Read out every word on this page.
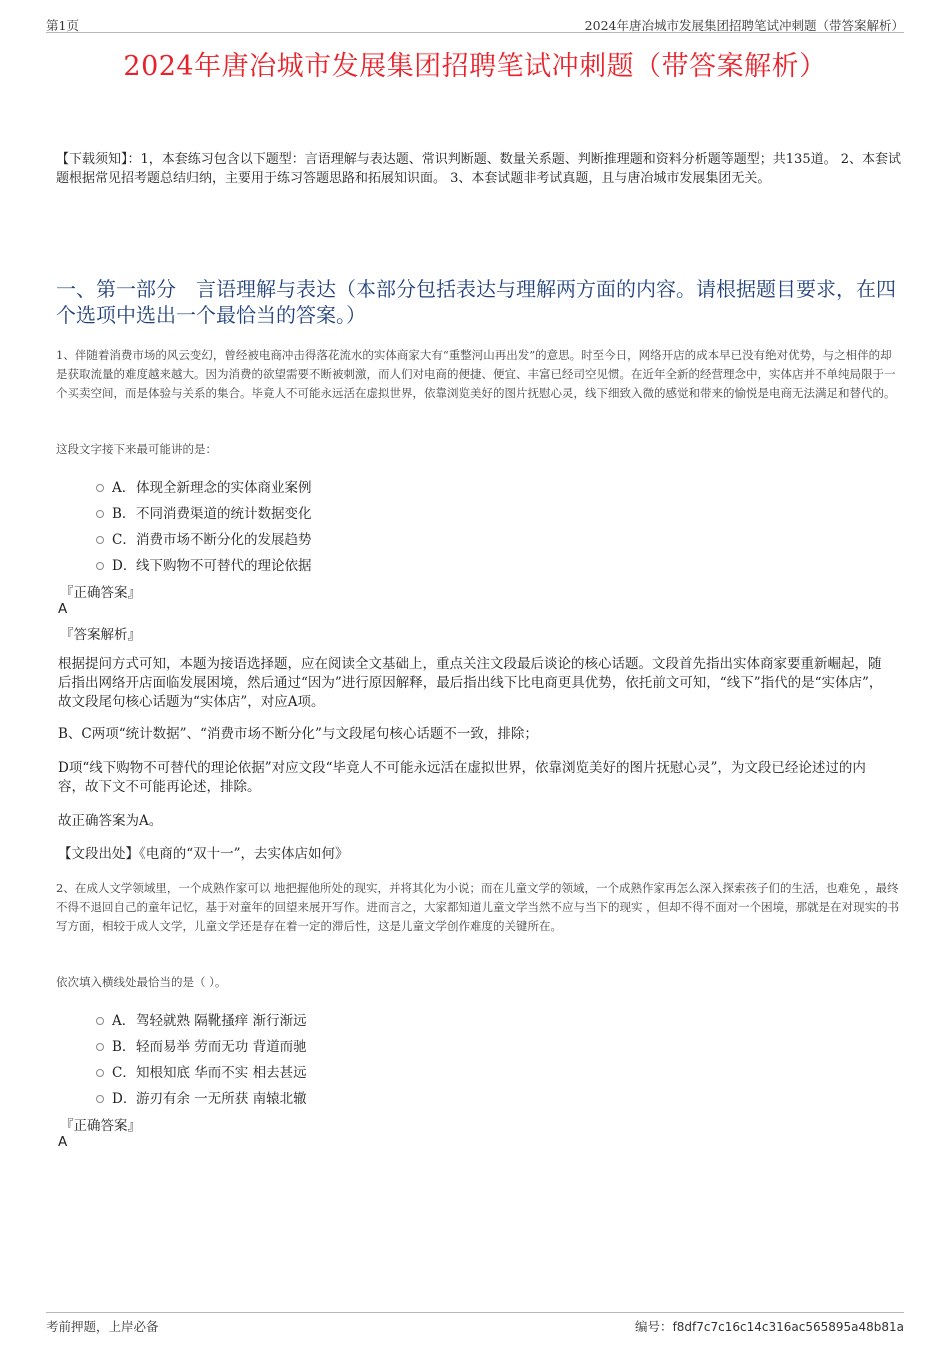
第1页	2024年唐冶城市发展集团招聘笔试冲刺题（带答案解析）
2024年唐冶城市发展集团招聘笔试冲刺题（带答案解析）
【下载须知】：1，本套练习包含以下题型：言语理解与表达题、常识判断题、数量关系题、判断推理题和资料分析题等题型；共135道。 2、本套试题根据常见招考题总结归纳，主要用于练习答题思路和拓展知识面。 3、本套试题非考试真题，且与唐冶城市发展集团无关。
一、第一部分　言语理解与表达（本部分包括表达与理解两方面的内容。请根据题目要求，在四个选项中选出一个最恰当的答案。）
1、伴随着消费市场的风云变幻，曾经被电商冲击得落花流水的实体商家大有“重整河山再出发”的意思。时至今日，网络开店的成本早已没有绝对优势，与之相伴的却是获取流量的难度越来越大。因为消费的欲望需要不断被刺激，而人们对电商的便捷、便宜、丰富已经司空见惯。在近年全新的经营理念中，实体店并不单纯局限于一个买卖空间，而是体验与关系的集合。毕竟人不可能永远活在虚拟世界，依靠浏览美好的图片抚慰心灵，线下细致入微的感觉和带来的愉悦是电商无法满足和替代的。
这段文字接下来最可能讲的是：
A． 体现全新理念的实体商业案例
B． 不同消费渠道的统计数据变化
C． 消费市场不断分化的发展趋势
D． 线下购物不可替代的理论依据
『正确答案』
A
『答案解析』
根据提问方式可知，本题为接语选择题，应在阅读全文基础上，重点关注文段最后谈论的核心话题。文段首先指出实体商家要重新崛起，随后指出网络开店面临发展困境，然后通过“因为”进行原因解释，最后指出线下比电商更具优势，依托前文可知，“线下”指代的是“实体店”，故文段尾句核心话题为“实体店”，对应A项。
B、C两项“统计数据”、“消费市场不断分化”与文段尾句核心话题不一致，排除；
D项“线下购物不可替代的理论依据”对应文段“毕竟人不可能永远活在虚拟世界，依靠浏览美好的图片抚慰心灵”，为文段已经论述过的内容，故下文不可能再论述，排除。
故正确答案为A。
【文段出处】《电商的“双十一”，去实体店如何》
2、在成人文学领域里，一个成熟作家可以 地把握他所处的现实，并将其化为小说；而在儿童文学的领域，一个成熟作家再怎么深入探索孩子们的生活，也难免 ，最终不得不退回自己的童年记忆，基于对童年的回望来展开写作。进而言之，大家都知道儿童文学当然不应与当下的现实 ，但却不得不面对一个困境，那就是在对现实的书写方面，相较于成人文学，儿童文学还是存在着一定的滞后性，这是儿童文学创作难度的关键所在。
依次填入横线处最恰当的是（ ）。
A． 驾轻就熟 隔靴搔痒 渐行渐远
B． 轻而易举 劳而无功 背道而驰
C． 知根知底 华而不实 相去甚远
D． 游刃有余 一无所获 南辕北辙
『正确答案』
A
考前押题，上岸必备	编号：f8df7c7c16c14c316ac565895a48b81a
